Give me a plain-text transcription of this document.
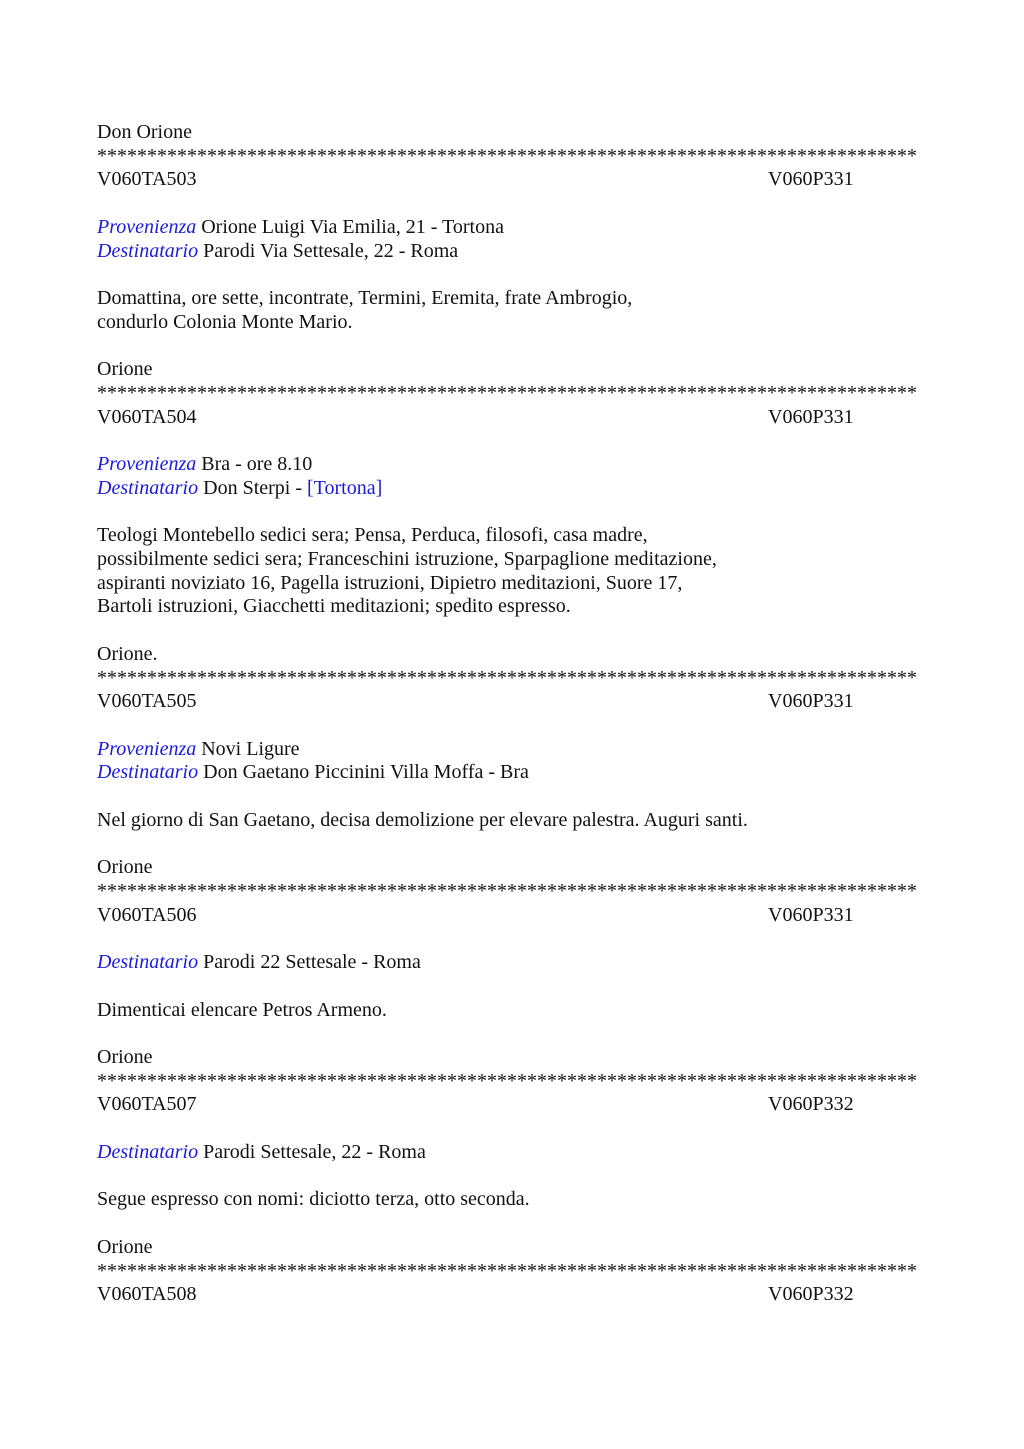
Don Orione
**********************************************************************************
V060TA503	V060P331
Provenienza Orione Luigi Via Emilia, 21 - Tortona
Destinatario Parodi Via Settesale, 22 - Roma
Domattina, ore sette, incontrate, Termini, Eremita, frate Ambrogio,
condurlo Colonia Monte Mario.
Orione
**********************************************************************************
V060TA504	V060P331
Provenienza Bra - ore 8.10
Destinatario Don Sterpi - [Tortona]
Teologi Montebello sedici sera; Pensa, Perduca, filosofi, casa madre,
possibilmente sedici sera; Franceschini istruzione, Sparpaglione meditazione,
aspiranti noviziato 16, Pagella istruzioni, Dipietro meditazioni, Suore 17,
Bartoli istruzioni, Giacchetti meditazioni; spedito espresso.
Orione.
**********************************************************************************
V060TA505	V060P331
Provenienza Novi Ligure
Destinatario Don Gaetano Piccinini Villa Moffa - Bra
Nel giorno di San Gaetano, decisa demolizione per elevare palestra. Auguri santi.
Orione
**********************************************************************************
V060TA506	V060P331
Destinatario Parodi 22 Settesale - Roma
Dimenticai elencare Petros Armeno.
Orione
**********************************************************************************
V060TA507	V060P332
Destinatario Parodi Settesale, 22 - Roma
Segue espresso con nomi: diciotto terza, otto seconda.
Orione
**********************************************************************************
V060TA508	V060P332
